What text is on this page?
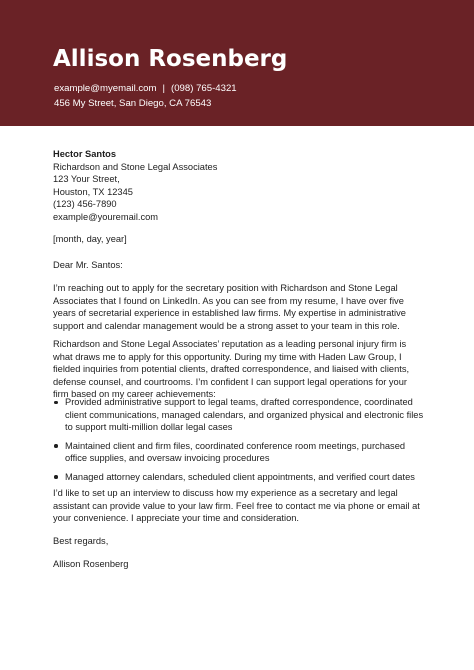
Allison Rosenberg
example@myemail.com | (098) 765-4321
456 My Street, San Diego, CA 76543
Hector Santos
Richardson and Stone Legal Associates
123 Your Street,
Houston, TX 12345
(123) 456-7890
example@youremail.com
[month, day, year]
Dear Mr. Santos:
I’m reaching out to apply for the secretary position with Richardson and Stone Legal Associates that I found on LinkedIn. As you can see from my resume, I have over five years of secretarial experience in established law firms. My expertise in administrative support and calendar management would be a strong asset to your team in this role.
Richardson and Stone Legal Associates’ reputation as a leading personal injury firm is what draws me to apply for this opportunity. During my time with Haden Law Group, I fielded inquiries from potential clients, drafted correspondence, and liaised with clients, defense counsel, and courtrooms. I’m confident I can support legal operations for your firm based on my career achievements:
Provided administrative support to legal teams, drafted correspondence, coordinated client communications, managed calendars, and organized physical and electronic files to support multi-million dollar legal cases
Maintained client and firm files, coordinated conference room meetings, purchased office supplies, and oversaw invoicing procedures
Managed attorney calendars, scheduled client appointments, and verified court dates
I’d like to set up an interview to discuss how my experience as a secretary and legal assistant can provide value to your law firm. Feel free to contact me via phone or email at your convenience. I appreciate your time and consideration.
Best regards,
Allison Rosenberg
